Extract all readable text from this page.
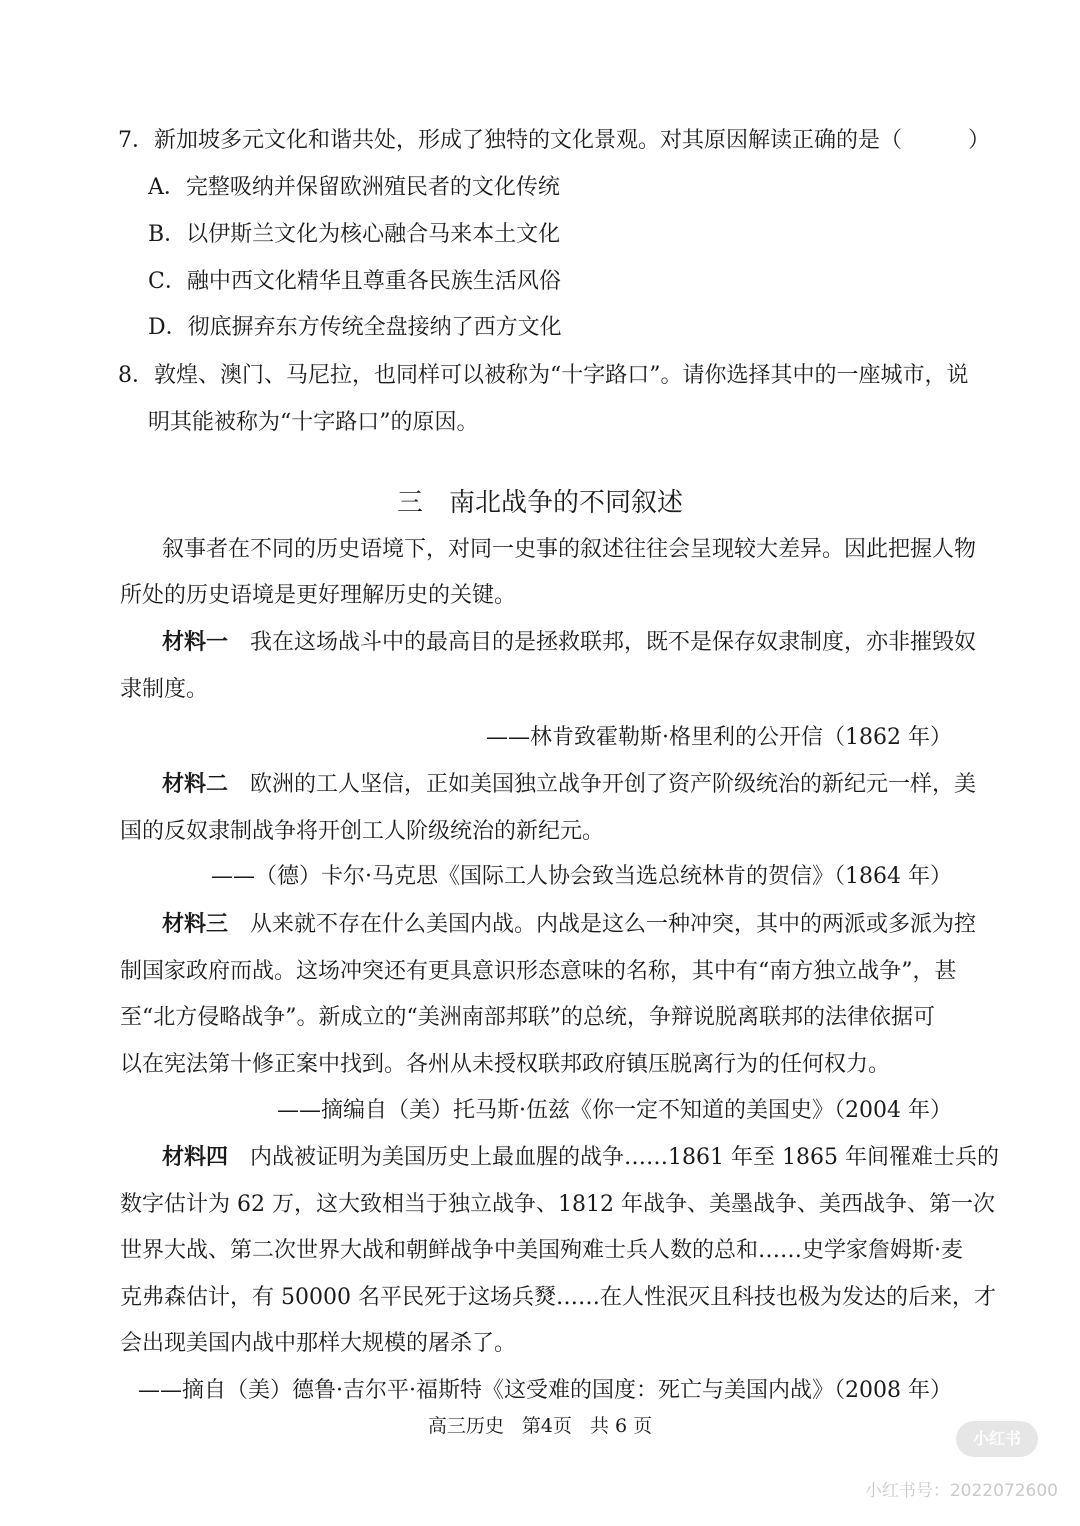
7．新加坡多元文化和谐共处，形成了独特的文化景观。对其原因解读正确的是（　　　）
A．完整吸纳并保留欧洲殖民者的文化传统
B．以伊斯兰文化为核心融合马来本土文化
C．融中西文化精华且尊重各民族生活风俗
D．彻底摒弃东方传统全盘接纳了西方文化
8．敦煌、澳门、马尼拉，也同样可以被称为“十字路口”。请你选择其中的一座城市，说
明其能被称为“十字路口”的原因。
三 南北战争的不同叙述
叙事者在不同的历史语境下，对同一史事的叙述往往会呈现较大差异。因此把握人物
所处的历史语境是更好理解历史的关键。
材料一　 我在这场战斗中的最高目的是拯救联邦，既不是保存奴隶制度，亦非摧毁奴
隶制度。
——林肯致霍勒斯·格里利的公开信（1862 年）
材料二　 欧洲的工人坚信，正如美国独立战争开创了资产阶级统治的新纪元一样，美
国的反奴隶制战争将开创工人阶级统治的新纪元。
——（德）卡尔·马克思《国际工人协会致当选总统林肯的贺信》（1864 年）
材料三　 从来就不存在什么美国内战。内战是这么一种冲突，其中的两派或多派为控
制国家政府而战。这场冲突还有更具意识形态意味的名称，其中有“南方独立战争”，甚
至“北方侵略战争”。新成立的“美洲南部邦联”的总统，争辩说脱离联邦的法律依据可
以在宪法第十修正案中找到。各州从未授权联邦政府镇压脱离行为的任何权力。
——摘编自（美）托马斯·伍兹《你一定不知道的美国史》（2004 年）
材料四　 内战被证明为美国历史上最血腥的战争……1861 年至 1865 年间罹难士兵的
数字估计为 62 万，这大致相当于独立战争、1812 年战争、美墨战争、美西战争、第一次
世界大战、第二次世界大战和朝鲜战争中美国殉难士兵人数的总和……史学家詹姆斯·麦
克弗森估计，有 50000 名平民死于这场兵燹……在人性泯灭且科技也极为发达的后来，才
会出现美国内战中那样大规模的屠杀了。
——摘自（美）德鲁·吉尔平·福斯特《这受难的国度：死亡与美国内战》（2008 年）
高三历史 第4页 共 6 页
小红书
小红书号：2022072600
